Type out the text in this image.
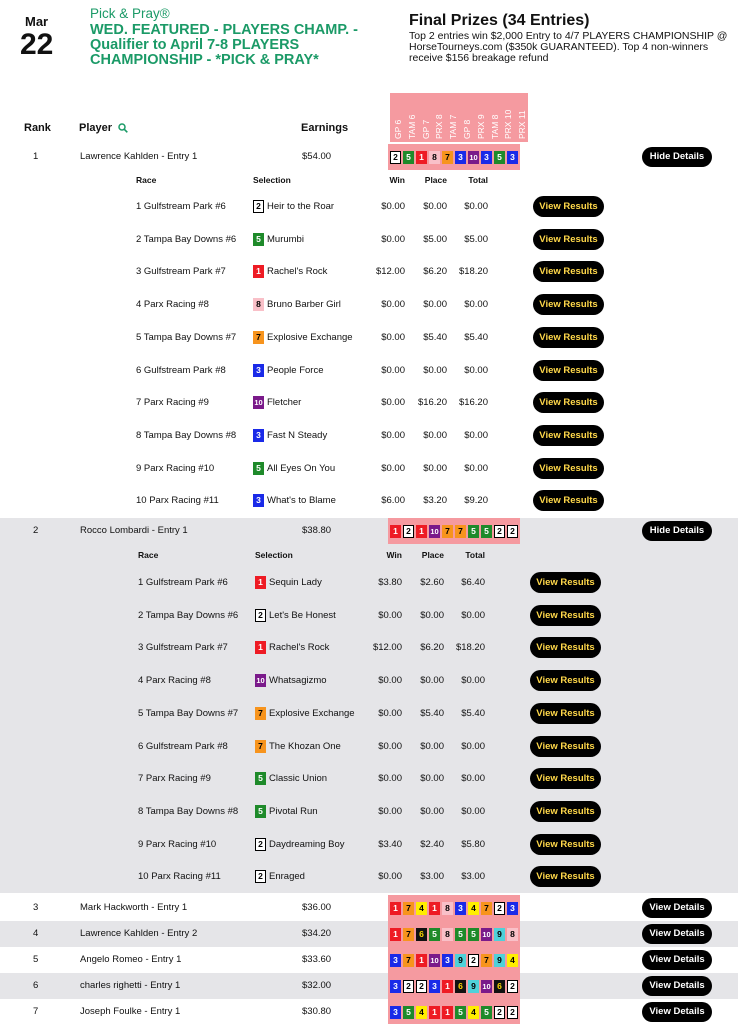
Mar
22
Pick & Pray®
WED. FEATURED - PLAYERS CHAMP. - Qualifier to April 7-8 PLAYERS CHAMPIONSHIP - *PICK & PRAY*
Final Prizes (34 Entries)
Top 2 entries win $2,000 Entry to 4/7 PLAYERS CHAMPIONSHIP @ HorseTourneys.com ($350k GUARANTEED). Top 4 non-winners receive $156 breakage refund
Rank	Player	Earnings	GP 6 TAM 6 GP 7 PRX 8 TAM 7 GP 8 PRX 9 TAM 8 PRX 10 PRX 11
1	Lawrence Kahlden - Entry 1	$54.00	2 5 1 8 7 3 10 3 5 3	Hide Details
Race	Selection	Win	Place	Total
1 Gulfstream Park #6	2 Heir to the Roar	$0.00	$0.00	$0.00	View Results
2 Tampa Bay Downs #6	5 Murumbi	$0.00	$5.00	$5.00	View Results
3 Gulfstream Park #7	1 Rachel's Rock	$12.00	$6.20	$18.20	View Results
4 Parx Racing #8	8 Bruno Barber Girl	$0.00	$0.00	$0.00	View Results
5 Tampa Bay Downs #7	7 Explosive Exchange	$0.00	$5.40	$5.40	View Results
6 Gulfstream Park #8	3 People Force	$0.00	$0.00	$0.00	View Results
7 Parx Racing #9	10 Fletcher	$0.00	$16.20	$16.20	View Results
8 Tampa Bay Downs #8	3 Fast N Steady	$0.00	$0.00	$0.00	View Results
9 Parx Racing #10	5 All Eyes On You	$0.00	$0.00	$0.00	View Results
10 Parx Racing #11	3 What's to Blame	$6.00	$3.20	$9.20	View Results
2	Rocco Lombardi - Entry 1	$38.80	1 2 1 10 7 7 5 5 2 2	Hide Details
Race	Selection	Win	Place	Total
1 Gulfstream Park #6	1 Sequin Lady	$3.80	$2.60	$6.40	View Results
2 Tampa Bay Downs #6	2 Let's Be Honest	$0.00	$0.00	$0.00	View Results
3 Gulfstream Park #7	1 Rachel's Rock	$12.00	$6.20	$18.20	View Results
4 Parx Racing #8	10 Whatsagizmo	$0.00	$0.00	$0.00	View Results
5 Tampa Bay Downs #7	7 Explosive Exchange	$0.00	$5.40	$5.40	View Results
6 Gulfstream Park #8	7 The Khozan One	$0.00	$0.00	$0.00	View Results
7 Parx Racing #9	5 Classic Union	$0.00	$0.00	$0.00	View Results
8 Tampa Bay Downs #8	5 Pivotal Run	$0.00	$0.00	$0.00	View Results
9 Parx Racing #10	2 Daydreaming Boy	$3.40	$2.40	$5.80	View Results
10 Parx Racing #11	2 Enraged	$0.00	$3.00	$3.00	View Results
3	Mark Hackworth - Entry 1	$36.00	1 7 4 1 8 3 4 7 2 3	View Details
4	Lawrence Kahlden - Entry 2	$34.20	1 7 6 5 8 5 5 10 9 8	View Details
5	Angelo Romeo - Entry 1	$33.60	3 7 1 10 3 9 2 7 9 4	View Details
6	charles righetti - Entry 1	$32.00	3 2 2 3 1 6 9 10 6 2	View Details
7	Joseph Foulke - Entry 1	$30.80	3 5 4 1 1 5 4 5 2 2	View Details
